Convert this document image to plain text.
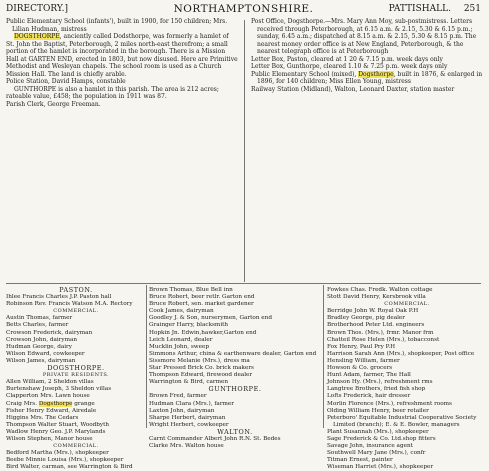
DIRECTORY.]	NORTHAMPTONSHIRE.	PATTISHALL. 251

Public Elementary School (infants'), built in 1900, for 150 children; Mrs. Lilian Hudman, mistress

DOGSTHORPE, anciently called Dodsthorpe, was formerly a hamlet of St. John the Baptist, Peterborough, 2 miles north-east therefrom; a small portion of the hamlet is incorporated in the borough. There is a Mission Hall at GARTEN END, erected in 1803, but now disused. Here are Primitive Methodist and Wesleyan chapels. The school room is used as a Church Mission Hall. The land is chiefly arable.

Police Station, David Hamps, constable

GUNTHORPE is also a hamlet in this parish. The area is 212 acres; rateable value, £458; the population in 1911 was 87.

Parish Clerk, George Freeman.

Post Office, Dogsthorpe.—Mrs. Mary Ann Moy, sub-postmistress. Letters received through Peterborough, at 6.15 a.m. & 2.15, 5.30 & 6.15 p.m.; sunday, 6.45 a.m.; dispatched at 8.15 a.m. & 2.15, 5.30 & 8.15 p.m. The nearest money order office is at New England, Peterborough, & the nearest telegraph office is at Peterborough

Letter Box, Paston, cleared at 1 20 & 7.15 p.m. week days only

Letter Box, Gunthorpe, cleared 1.10 & 7.25 p.m. week days only

Public Elementary School (mixed), Dogsthorpe, built in 1876, & enlarged in 1896, for 140 children; Miss Ellen Young, mistress

Railway Station (Midland), Walton, Leonard Daxter, station master

PASTON.

Ihlee Francis Charles J.P. Paston hall

Robinson Rev. Francis Watson M.A. Rectory

COMMERCIAL.

Austin Thomas, farmer

Betts Charles, farmer

Crowson Frederick, dairyman

Crowson John, dairyman

Hudman George, dairy

Wilson Edward, cowkeeper

Wilson James, dairyman

DOGSTHORPE.

PRIVATE RESIDENTS.

Allen William, 2 Sheldon villas

Burtenshaw Joseph, 3 Sheldon villas

Clapperton Mrs. Lawn house

Craig Mrs. Dogsthorpe grange

Fisher Henry Edward, Airedale

Higgins Mrs. The Cedars

Thompson Walter Stuart, Woodbyth

Wadlow Henry Geo. J.P. Marylands

Wilson Stephen, Manor house

COMMERCIAL.

Bedford Martha (Mrs.), shopkeeper

Beebe Minnie Louisa (Mrs.), shopkeeper

Bird Walter, carman, see Warrington & Bird

Brown Thomas, Blue Bell inn

Bruce Robert, beer retlr. Garton end

Bruce Robert, sen. market gardener

Cook James, dairyman

Goodley J. & Son, nurserymen, Garton end

Grainger Harry, blacksmith

Hopkin Jn. Edwin,hawker,Garton end

Leich Leonard, dealer

Mucklin John, sweep

Simmons Arthur, china & earthenware dealer, Garton end

Sissmore Melanie (Mrs.), dress ma

Star Pressed Brick Co. brick makers

Thompson Edward, firewood dealer

Warrington & Bird, carmen

GUNTHORPE.

Brown Fred, farmer

Hudman Clara (Mrs.), farmer

Laxton John, dairyman

Sharpe Herbert, dairyman

Wright Herbert, cowkeeper

WALTON.

Carnt Commander Albert John R.N. St. Bedes

Clarke Mrs. Walton house

Fowkes Chas. Fredk. Walton cottage

Stott David Henry, Kersbrook villa

COMMERCIAL.

Berridge John W. Royal Oak P.H

Bradley George, pig dealer

Brotherhood Peter Ltd. engineers

Brown Thos. (Mrs.), frmr. Manor frm

Chatteil Rose Helen (Mrs.), tobacconst

Fox Henry, Paul Pry P.H

Harrison Sarah Ann (Mrs.), shopkeeper, Post office

Hensling William, farmer

Howson & Co. grocers

Hunt Adam, farmer, The Hall

Johnson Hy. (Mrs.), refreshment rms

Langtree Brothers, fried fish shop

Lofts Frederick, hair dresser

Morlin Florence (Mrs.), refreshment rooms

Olding William Henry, beer retailer

Peterboro' Equitable Industrial Cooperative Society Limited (branch); E. & E. Bowler, managers

Plant Susannah (Mrs.), shopkeeper

Sage Frederick & Co. Ltd.shop fitters

Savage John, insurance agent

Southwell Mary Jane (Mrs.), confr

Titman Ernest, painter

Wiseman Harriet (Mrs.), shopkeeper
